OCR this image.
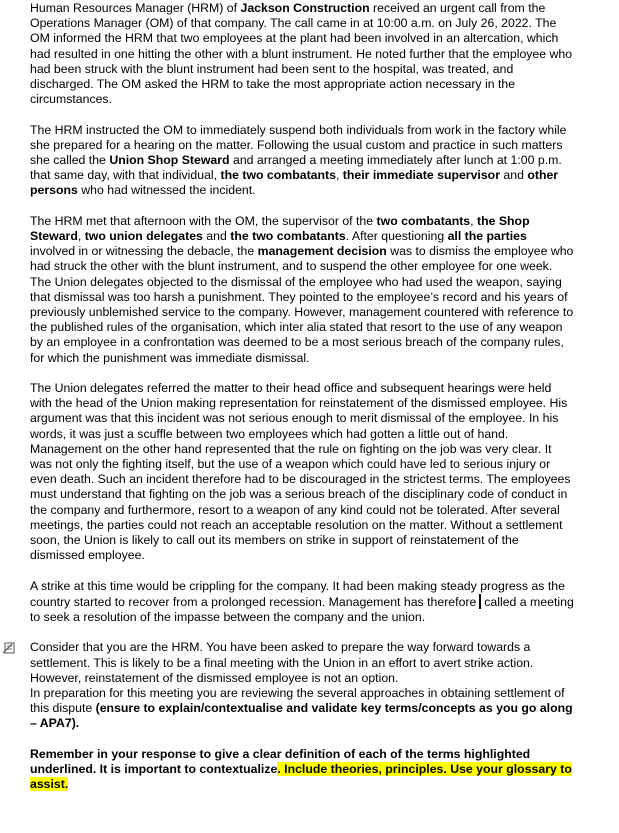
Human Resources Manager (HRM) of Jackson Construction received an urgent call from the Operations Manager (OM) of that company. The call came in at 10:00 a.m. on July 26, 2022. The OM informed the HRM that two employees at the plant had been involved in an altercation, which had resulted in one hitting the other with a blunt instrument. He noted further that the employee who had been struck with the blunt instrument had been sent to the hospital, was treated, and discharged. The OM asked the HRM to take the most appropriate action necessary in the circumstances.

The HRM instructed the OM to immediately suspend both individuals from work in the factory while she prepared for a hearing on the matter. Following the usual custom and practice in such matters she called the Union Shop Steward and arranged a meeting immediately after lunch at 1:00 p.m. that same day, with that individual, the two combatants, their immediate supervisor and other persons who had witnessed the incident.

The HRM met that afternoon with the OM, the supervisor of the two combatants, the Shop Steward, two union delegates and the two combatants. After questioning all the parties involved in or witnessing the debacle, the management decision was to dismiss the employee who had struck the other with the blunt instrument, and to suspend the other employee for one week. The Union delegates objected to the dismissal of the employee who had used the weapon, saying that dismissal was too harsh a punishment. They pointed to the employee’s record and his years of previously unblemished service to the company. However, management countered with reference to the published rules of the organisation, which inter alia stated that resort to the use of any weapon by an employee in a confrontation was deemed to be a most serious breach of the company rules, for which the punishment was immediate dismissal.

The Union delegates referred the matter to their head office and subsequent hearings were held with the head of the Union making representation for reinstatement of the dismissed employee. His argument was that this incident was not serious enough to merit dismissal of the employee. In his words, it was just a scuffle between two employees which had gotten a little out of hand. Management on the other hand represented that the rule on fighting on the job was very clear. It was not only the fighting itself, but the use of a weapon which could have led to serious injury or even death. Such an incident therefore had to be discouraged in the strictest terms. The employees must understand that fighting on the job was a serious breach of the disciplinary code of conduct in the company and furthermore, resort to a weapon of any kind could not be tolerated. After several meetings, the parties could not reach an acceptable resolution on the matter. Without a settlement soon, the Union is likely to call out its members on strike in support of reinstatement of the dismissed employee.

A strike at this time would be crippling for the company. It had been making steady progress as the country started to recover from a prolonged recession. Management has therefore called a meeting to seek a resolution of the impasse between the company and the union.

Consider that you are the HRM. You have been asked to prepare the way forward towards a settlement. This is likely to be a final meeting with the Union in an effort to avert strike action. However, reinstatement of the dismissed employee is not an option.

In preparation for this meeting you are reviewing the several approaches in obtaining settlement of this dispute (ensure to explain/contextualise and validate key terms/concepts as you go along – APA7).

Remember in your response to give a clear definition of each of the terms highlighted underlined. It is important to contextualize. Include theories, principles. Use your glossary to assist.
